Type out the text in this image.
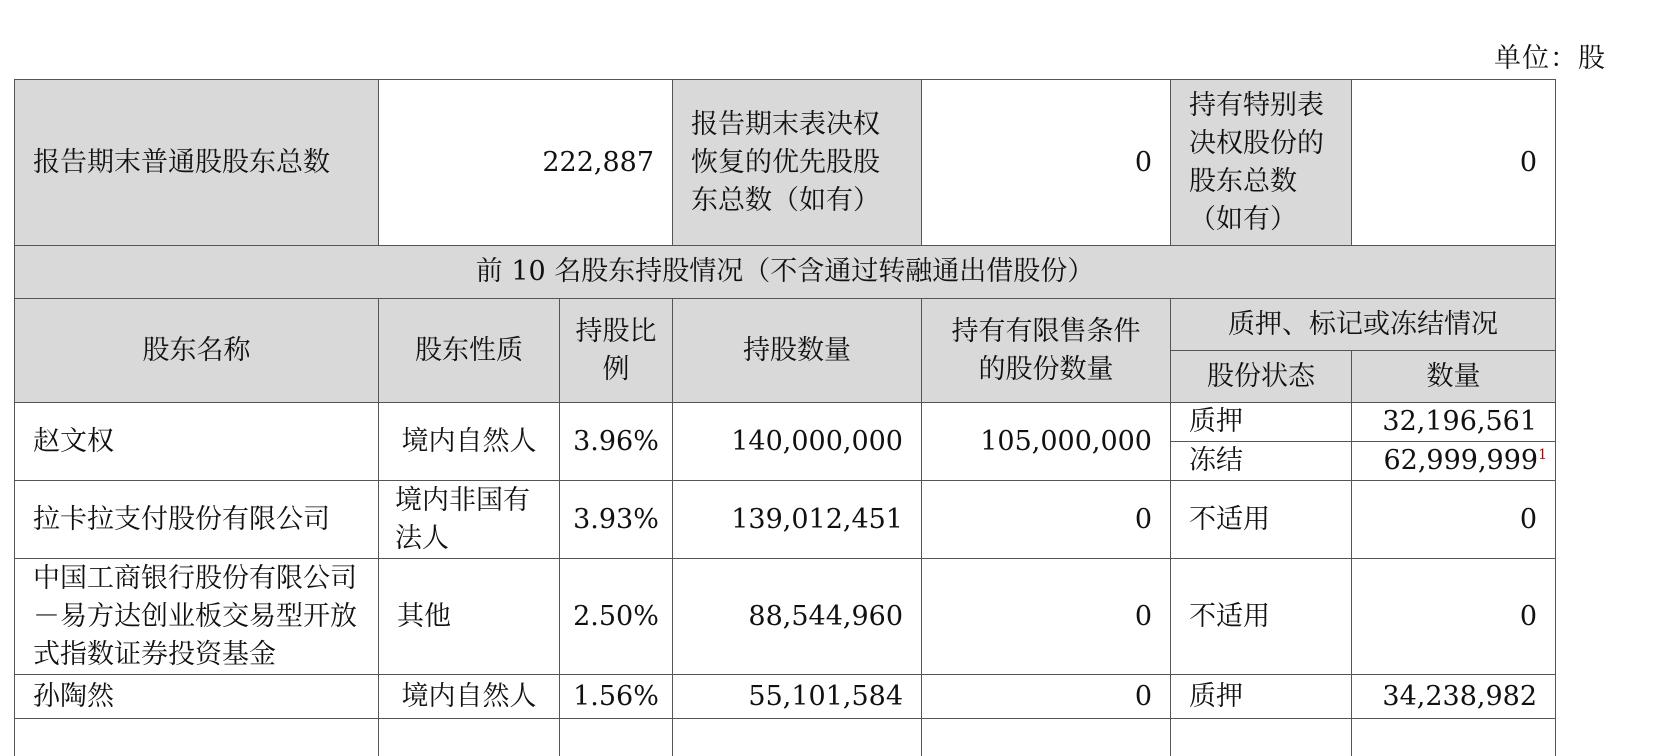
单位：股
报告期末普通股股东总数	222,887	报告期末表决权恢复的优先股股东总数（如有）	0	持有特别表决权股份的股东总数（如有）	0
前 10 名股东持股情况（不含通过转融通出借股份）
股东名称	股东性质	持股比例	持股数量	持有有限售条件的股份数量	质押、标记或冻结情况	
					股份状态	数量
赵文权	境内自然人	3.96%	140,000,000	105,000,000	质押	32,196,561
					冻结	62,999,999$^1$
拉卡拉支付股份有限公司	境内非国有法人	3.93%	139,012,451	0	不适用	0
中国工商银行股份有限公司－易方达创业板交易型开放式指数证券投资基金	其他	2.50%	88,544,960	0	不适用	0
孙陶然	境内自然人	1.56%	55,101,584	0	质押	34,238,982
